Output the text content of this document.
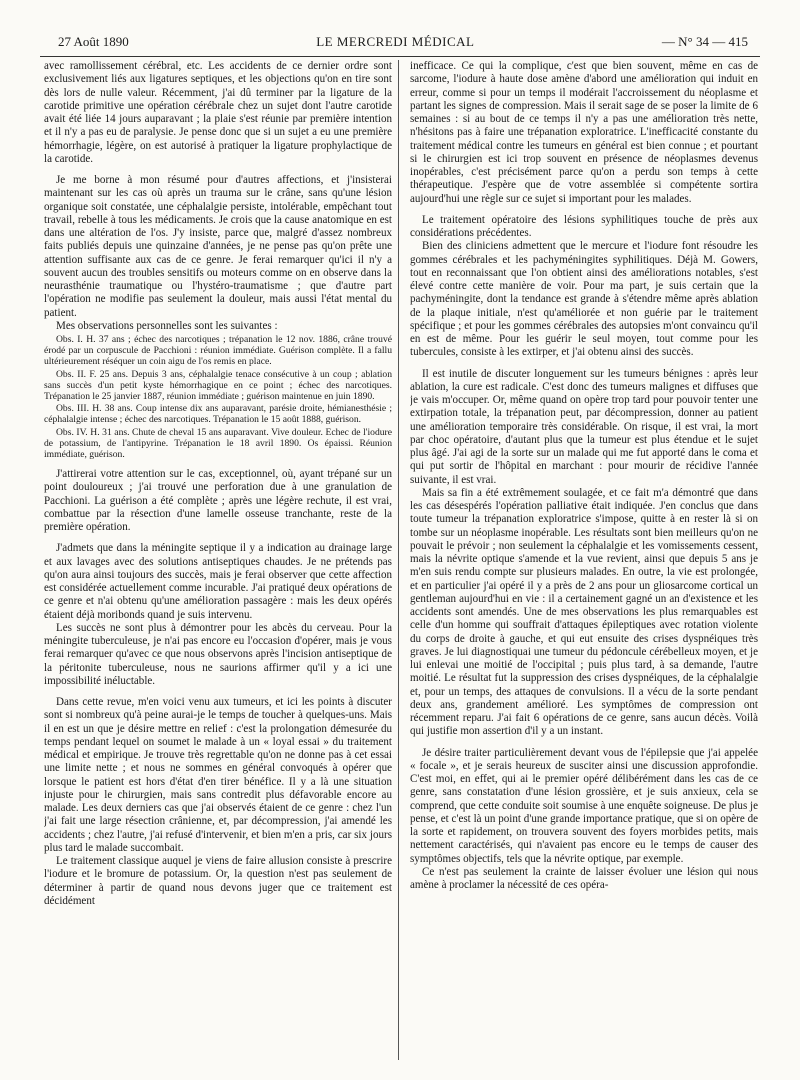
27 Août 1890	LE MERCREDI MÉDICAL	— N° 34 — 415

avec ramollissement cérébral, etc. Les accidents de ce dernier ordre sont exclusivement liés aux ligatures septiques, et les objections qu'on en tire sont dès lors de nulle valeur. Récemment, j'ai dû terminer par la ligature de la carotide primitive une opération cérébrale chez un sujet dont l'autre carotide avait été liée 14 jours auparavant ; la plaie s'est réunie par première intention et il n'y a pas eu de paralysie. Je pense donc que si un sujet a eu une première hémorrhagie, légère, on est autorisé à pratiquer la ligature prophylactique de la carotide.

Je me borne à mon résumé pour d'autres affections, et j'insisterai maintenant sur les cas où après un trauma sur le crâne, sans qu'une lésion organique soit constatée, une céphalalgie persiste, intolérable, empêchant tout travail, rebelle à tous les médicaments. Je crois que la cause anatomique en est dans une altération de l'os. J'y insiste, parce que, malgré d'assez nombreux faits publiés depuis une quinzaine d'années, je ne pense pas qu'on prête une attention suffisante aux cas de ce genre. Je ferai remarquer qu'ici il n'y a souvent aucun des troubles sensitifs ou moteurs comme on en observe dans la neurasthénie traumatique ou l'hystéro-traumatisme ; que d'autre part l'opération ne modifie pas seulement la douleur, mais aussi l'état mental du patient.

Mes observations personnelles sont les suivantes :

Obs. I. H. 37 ans ; échec des narcotiques ; trépanation le 12 nov. 1886, crâne trouvé érodé par un corpuscule de Pacchioni : réunion immédiate. Guérison complète. Il a fallu ultérieurement réséquer un coin aigu de l'os remis en place.

Obs. II. F. 25 ans. Depuis 3 ans, céphalalgie tenace consécutive à un coup ; ablation sans succès d'un petit kyste hémorrhagique en ce point ; échec des narcotiques. Trépanation le 25 janvier 1887, réunion immédiate ; guérison maintenue en juin 1890.

Obs. III. H. 38 ans. Coup intense dix ans auparavant, parésie droite, hémianesthésie ; céphalalgie intense ; échec des narcotiques. Trépanation le 15 août 1888, guérison.

Obs. IV. H. 31 ans. Chute de cheval 15 ans auparavant. Vive douleur. Echec de l'iodure de potassium, de l'antipyrine. Trépanation le 18 avril 1890. Os épaissi. Réunion immédiate, guérison.

J'attirerai votre attention sur le cas, exceptionnel, où, ayant trépané sur un point douloureux ; j'ai trouvé une perforation due à une granulation de Pacchioni. La guérison a été complète ; après une légère rechute, il est vrai, combattue par la résection d'une lamelle osseuse tranchante, reste de la première opération.

J'admets que dans la méningite septique il y a indication au drainage large et aux lavages avec des solutions antiseptiques chaudes. Je ne prétends pas qu'on aura ainsi toujours des succès, mais je ferai observer que cette affection est considérée actuellement comme incurable. J'ai pratiqué deux opérations de ce genre et n'ai obtenu qu'une amélioration passagère : mais les deux opérés étaient déjà moribonds quand je suis intervenu.

Les succès ne sont plus à démontrer pour les abcès du cerveau. Pour la méningite tuberculeuse, je n'ai pas encore eu l'occasion d'opérer, mais je vous ferai remarquer qu'avec ce que nous observons après l'incision antiseptique de la péritonite tuberculeuse, nous ne saurions affirmer qu'il y a ici une impossibilité inéluctable.

Dans cette revue, m'en voici venu aux tumeurs, et ici les points à discuter sont si nombreux qu'à peine aurai-je le temps de toucher à quelques-uns. Mais il en est un que je désire mettre en relief : c'est la prolongation démesurée du temps pendant lequel on soumet le malade à un « loyal essai » du traitement médical et empirique. Je trouve très regrettable qu'on ne donne pas à cet essai une limite nette ; et nous ne sommes en général convoqués à opérer que lorsque le patient est hors d'état d'en tirer bénéfice. Il y a là une situation injuste pour le chirurgien, mais sans contredit plus défavorable encore au malade. Les deux derniers cas que j'ai observés étaient de ce genre : chez l'un j'ai fait une large résection crânienne, et, par décompression, j'ai amendé les accidents ; chez l'autre, j'ai refusé d'intervenir, et bien m'en a pris, car six jours plus tard le malade succombait.

Le traitement classique auquel je viens de faire allusion consiste à prescrire l'iodure et le bromure de potassium. Or, la question n'est pas seulement de déterminer à partir de quand nous devons juger que ce traitement est décidément

inefficace. Ce qui la complique, c'est que bien souvent, même en cas de sarcome, l'iodure à haute dose amène d'abord une amélioration qui induit en erreur, comme si pour un temps il modérait l'accroissement du néoplasme et partant les signes de compression. Mais il serait sage de se poser la limite de 6 semaines : si au bout de ce temps il n'y a pas une amélioration très nette, n'hésitons pas à faire une trépanation exploratrice. L'inefficacité constante du traitement médical contre les tumeurs en général est bien connue ; et pourtant si le chirurgien est ici trop souvent en présence de néoplasmes devenus inopérables, c'est précisément parce qu'on a perdu son temps à cette thérapeutique. J'espère que de votre assemblée si compétente sortira aujourd'hui une règle sur ce sujet si important pour les malades.

Le traitement opératoire des lésions syphilitiques touche de près aux considérations précédentes.

Bien des cliniciens admettent que le mercure et l'iodure font résoudre les gommes cérébrales et les pachyméningites syphilitiques. Déjà M. Gowers, tout en reconnaissant que l'on obtient ainsi des améliorations notables, s'est élevé contre cette manière de voir. Pour ma part, je suis certain que la pachyméningite, dont la tendance est grande à s'étendre même après ablation de la plaque initiale, n'est qu'améliorée et non guérie par le traitement spécifique ; et pour les gommes cérébrales des autopsies m'ont convaincu qu'il en est de même. Pour les guérir le seul moyen, tout comme pour les tubercules, consiste à les extirper, et j'ai obtenu ainsi des succès.

Il est inutile de discuter longuement sur les tumeurs bénignes : après leur ablation, la cure est radicale. C'est donc des tumeurs malignes et diffuses que je vais m'occuper. Or, même quand on opère trop tard pour pouvoir tenter une extirpation totale, la trépanation peut, par décompression, donner au patient une amélioration temporaire très considérable. On risque, il est vrai, la mort par choc opératoire, d'autant plus que la tumeur est plus étendue et le sujet plus âgé. J'ai agi de la sorte sur un malade qui me fut apporté dans le coma et qui put sortir de l'hôpital en marchant : pour mourir de récidive l'année suivante, il est vrai.

Mais sa fin a été extrêmement soulagée, et ce fait m'a démontré que dans les cas désespérés l'opération palliative était indiquée. J'en conclus que dans toute tumeur la trépanation exploratrice s'impose, quitte à en rester là si on tombe sur un néoplasme inopérable. Les résultats sont bien meilleurs qu'on ne pouvait le prévoir ; non seulement la céphalalgie et les vomissements cessent, mais la névrite optique s'amende et la vue revient, ainsi que depuis 5 ans je m'en suis rendu compte sur plusieurs malades. En outre, la vie est prolongée, et en particulier j'ai opéré il y a près de 2 ans pour un gliosarcome cortical un gentleman aujourd'hui en vie : il a certainement gagné un an d'existence et les accidents sont amendés. Une de mes observations les plus remarquables est celle d'un homme qui souffrait d'attaques épileptiques avec rotation violente du corps de droite à gauche, et qui eut ensuite des crises dyspnéiques très graves. Je lui diagnostiquai une tumeur du pédoncule cérébelleux moyen, et je lui enlevai une moitié de l'occipital ; puis plus tard, à sa demande, l'autre moitié. Le résultat fut la suppression des crises dyspnéiques, de la céphalalgie et, pour un temps, des attaques de convulsions. Il a vécu de la sorte pendant deux ans, grandement amélioré. Les symptômes de compression ont récemment reparu. J'ai fait 6 opérations de ce genre, sans aucun décès. Voilà qui justifie mon assertion d'il y a un instant.

Je désire traiter particulièrement devant vous de l'épilepsie que j'ai appelée « focale », et je serais heureux de susciter ainsi une discussion approfondie. C'est moi, en effet, qui ai le premier opéré délibérément dans les cas de ce genre, sans constatation d'une lésion grossière, et je suis anxieux, cela se comprend, que cette conduite soit soumise à une enquête soigneuse. De plus je pense, et c'est là un point d'une grande importance pratique, que si on opère de la sorte et rapidement, on trouvera souvent des foyers morbides petits, mais nettement caractérisés, qui n'avaient pas encore eu le temps de causer des symptômes objectifs, tels que la névrite optique, par exemple.

Ce n'est pas seulement la crainte de laisser évoluer une lésion qui nous amène à proclamer la nécessité de ces opéra-
